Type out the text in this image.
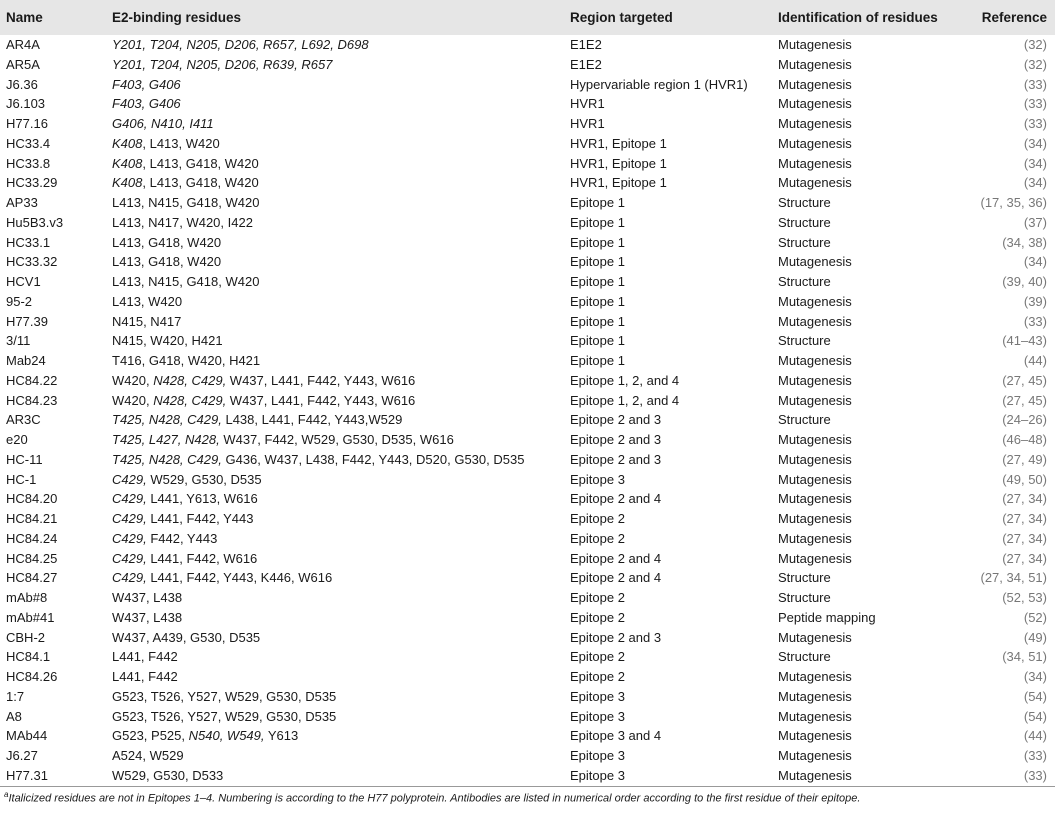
Name	E2-binding residues	Region targeted	Identification of residues	Reference
AR4A	Y201, T204, N205, D206, R657, L692, D698	E1E2	Mutagenesis	(32)
AR5A	Y201, T204, N205, D206, R639, R657	E1E2	Mutagenesis	(32)
J6.36	F403, G406	Hypervariable region 1 (HVR1)	Mutagenesis	(33)
J6.103	F403, G406	HVR1	Mutagenesis	(33)
H77.16	G406, N410, I411	HVR1	Mutagenesis	(33)
HC33.4	K408, L413, W420	HVR1, Epitope 1	Mutagenesis	(34)
HC33.8	K408, L413, G418, W420	HVR1, Epitope 1	Mutagenesis	(34)
HC33.29	K408, L413, G418, W420	HVR1, Epitope 1	Mutagenesis	(34)
AP33	L413, N415, G418, W420	Epitope 1	Structure	(17, 35, 36)
Hu5B3.v3	L413, N417, W420, I422	Epitope 1	Structure	(37)
HC33.1	L413, G418, W420	Epitope 1	Structure	(34, 38)
HC33.32	L413, G418, W420	Epitope 1	Mutagenesis	(34)
HCV1	L413, N415, G418, W420	Epitope 1	Structure	(39, 40)
95-2	L413, W420	Epitope 1	Mutagenesis	(39)
H77.39	N415, N417	Epitope 1	Mutagenesis	(33)
3/11	N415, W420, H421	Epitope 1	Structure	(41–43)
Mab24	T416, G418, W420, H421	Epitope 1	Mutagenesis	(44)
HC84.22	W420, N428, C429, W437, L441, F442, Y443, W616	Epitope 1, 2, and 4	Mutagenesis	(27, 45)
HC84.23	W420, N428, C429, W437, L441, F442, Y443, W616	Epitope 1, 2, and 4	Mutagenesis	(27, 45)
AR3C	T425, N428, C429, L438, L441, F442, Y443,W529	Epitope 2 and 3	Structure	(24–26)
e20	T425, L427, N428, W437, F442, W529, G530, D535, W616	Epitope 2 and 3	Mutagenesis	(46–48)
HC-11	T425, N428, C429, G436, W437, L438, F442, Y443, D520, G530, D535	Epitope 2 and 3	Mutagenesis	(27, 49)
HC-1	C429, W529, G530, D535	Epitope 3	Mutagenesis	(49, 50)
HC84.20	C429, L441, Y613, W616	Epitope 2 and 4	Mutagenesis	(27, 34)
HC84.21	C429, L441, F442, Y443	Epitope 2	Mutagenesis	(27, 34)
HC84.24	C429, F442, Y443	Epitope 2	Mutagenesis	(27, 34)
HC84.25	C429, L441, F442, W616	Epitope 2 and 4	Mutagenesis	(27, 34)
HC84.27	C429, L441, F442, Y443, K446, W616	Epitope 2 and 4	Structure	(27, 34, 51)
mAb#8	W437, L438	Epitope 2	Structure	(52, 53)
mAb#41	W437, L438	Epitope 2	Peptide mapping	(52)
CBH-2	W437, A439, G530, D535	Epitope 2 and 3	Mutagenesis	(49)
HC84.1	L441, F442	Epitope 2	Structure	(34, 51)
HC84.26	L441, F442	Epitope 2	Mutagenesis	(34)
1:7	G523, T526, Y527, W529, G530, D535	Epitope 3	Mutagenesis	(54)
A8	G523, T526, Y527, W529, G530, D535	Epitope 3	Mutagenesis	(54)
MAb44	G523, P525, N540, W549, Y613	Epitope 3 and 4	Mutagenesis	(44)
J6.27	A524, W529	Epitope 3	Mutagenesis	(33)
H77.31	W529, G530, D533	Epitope 3	Mutagenesis	(33)
$^a$Italicized residues are not in Epitopes 1–4. Numbering is according to the H77 polyprotein. Antibodies are listed in numerical order according to the first residue of their epitope.
